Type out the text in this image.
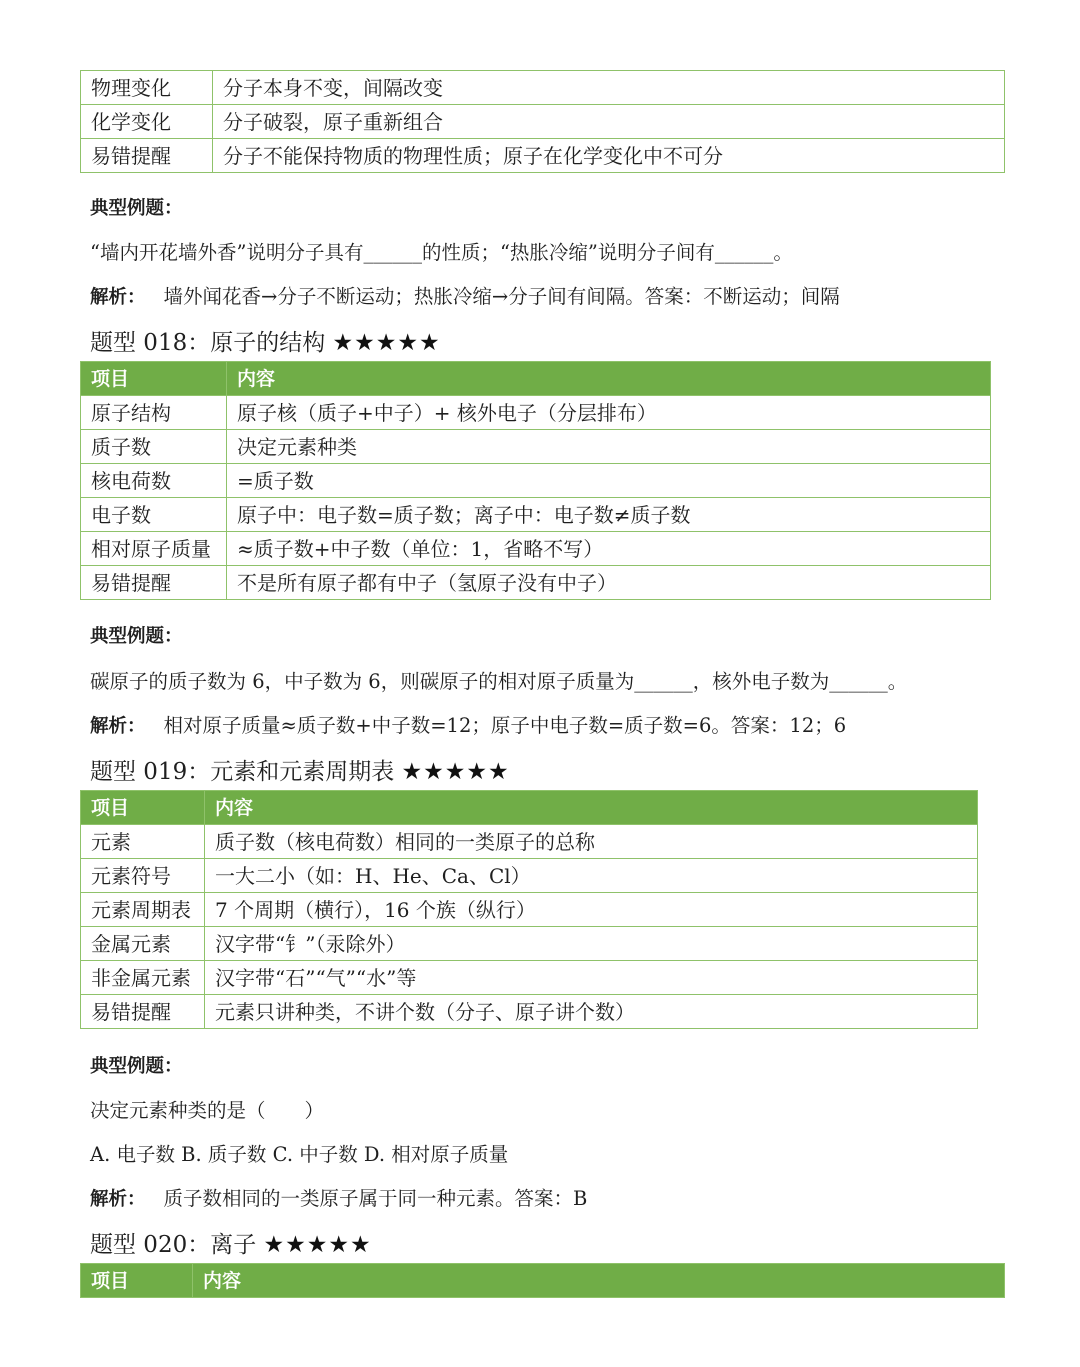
物理变化	分子本身不变，间隔改变
化学变化	分子破裂，原子重新组合
易错提醒	分子不能保持物质的物理性质；原子在化学变化中不可分
典型例题：
“墙内开花墙外香”说明分子具有______的性质；“热胀冷缩”说明分子间有______。
解析： 墙外闻花香→分子不断运动；热胀冷缩→分子间有间隔。答案：不断运动；间隔
题型 018：原子的结构 ★★★★★
项目	内容
原子结构	原子核（质子+中子）+ 核外电子（分层排布）
质子数	决定元素种类
核电荷数	=质子数
电子数	原子中：电子数=质子数；离子中：电子数≠质子数
相对原子质量	≈质子数+中子数（单位：1，省略不写）
易错提醒	不是所有原子都有中子（氢原子没有中子）
典型例题：
碳原子的质子数为 6，中子数为 6，则碳原子的相对原子质量为______，核外电子数为______。
解析： 相对原子质量≈质子数+中子数=12；原子中电子数=质子数=6。答案：12；6
题型 019：元素和元素周期表 ★★★★★
项目	内容
元素	质子数（核电荷数）相同的一类原子的总称
元素符号	一大二小（如：H、He、Ca、Cl）
元素周期表	7 个周期（横行），16 个族（纵行）
金属元素	汉字带“钅”（汞除外）
非金属元素	汉字带“石”“气”“水”等
易错提醒	元素只讲种类，不讲个数（分子、原子讲个数）
典型例题：
决定元素种类的是（　　）
A. 电子数 B. 质子数 C. 中子数 D. 相对原子质量
解析： 质子数相同的一类原子属于同一种元素。答案：B
题型 020：离子 ★★★★★
项目	内容
